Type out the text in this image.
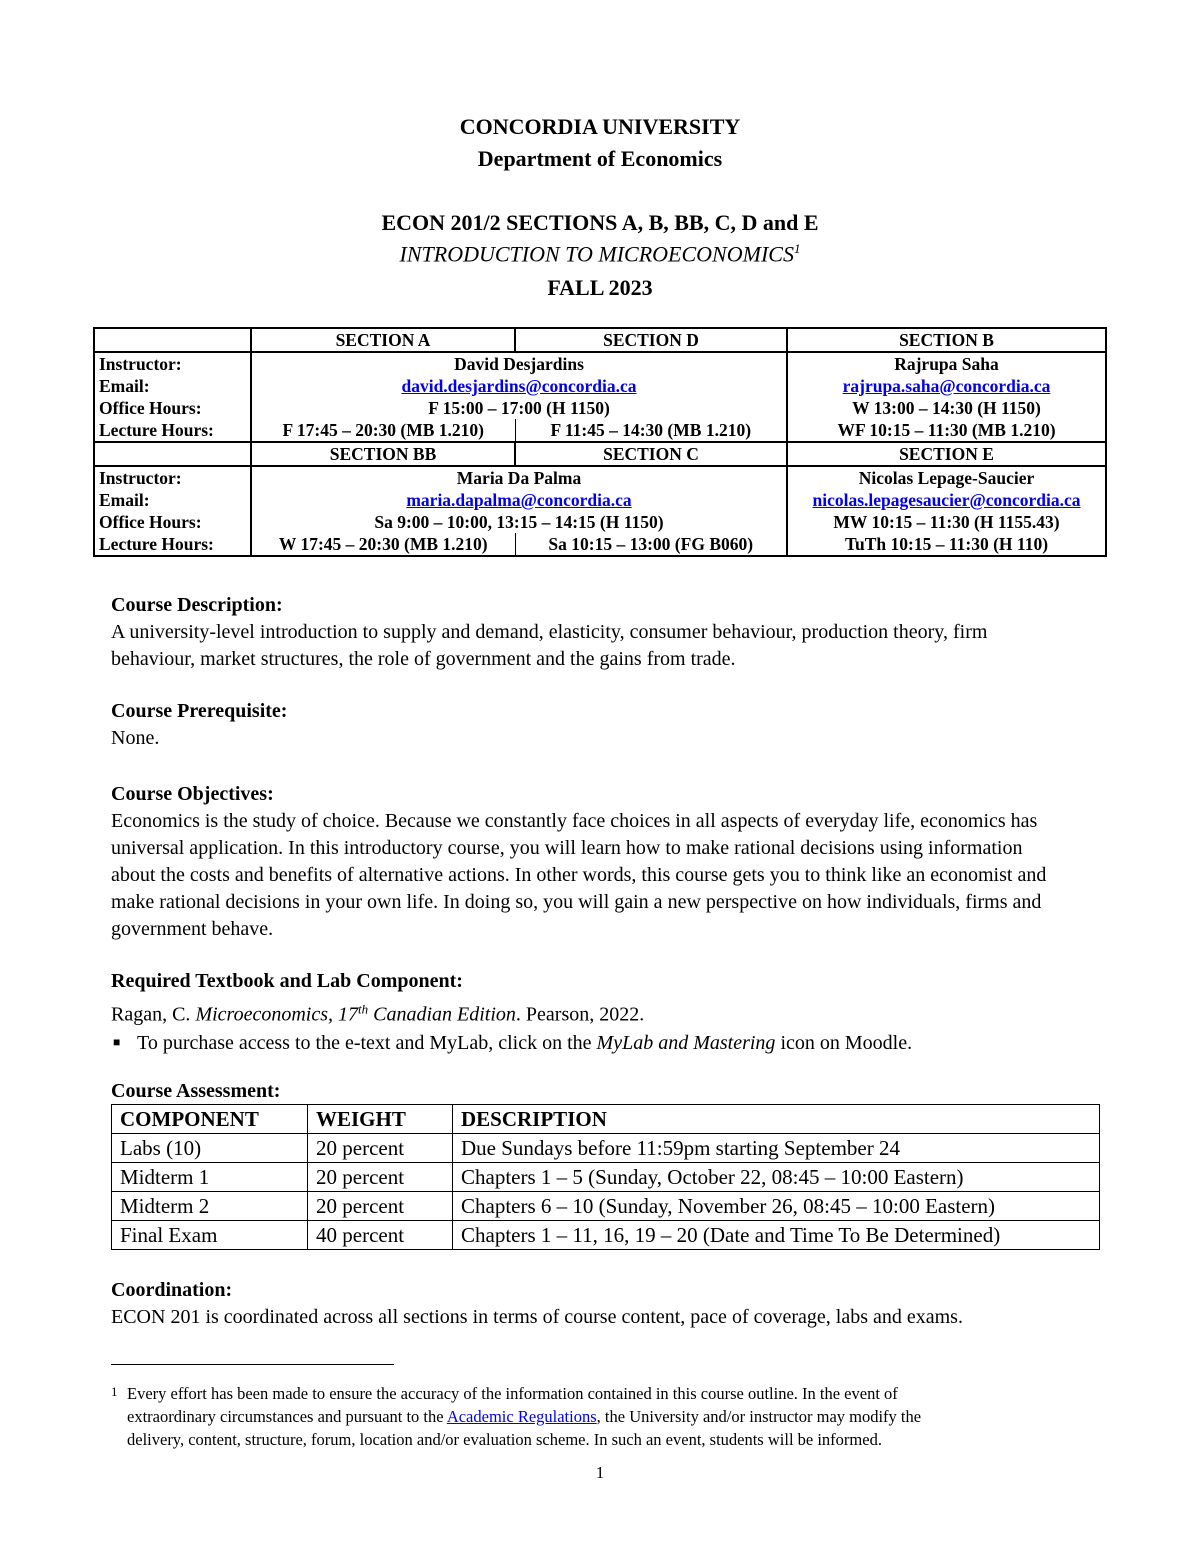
CONCORDIA UNIVERSITY
Department of Economics
ECON 201/2 SECTIONS A, B, BB, C, D and E
INTRODUCTION TO MICROECONOMICS$^1$
FALL 2023
	SECTION A	SECTION D	SECTION B
Instructor:	David Desjardins		Rajrupa Saha
Email:	david.desjardins@concordia.ca		rajrupa.saha@concordia.ca
Office Hours:	F 15:00 – 17:00 (H 1150)		W 13:00 – 14:30 (H 1150)
Lecture Hours:	F 17:45 – 20:30 (MB 1.210)	F 11:45 – 14:30 (MB 1.210)	WF 10:15 – 11:30 (MB 1.210)
	SECTION BB	SECTION C	SECTION E
Instructor:	Maria Da Palma		Nicolas Lepage-Saucier
Email:	maria.dapalma@concordia.ca		nicolas.lepagesaucier@concordia.ca
Office Hours:	Sa 9:00 – 10:00, 13:15 – 14:15 (H 1150)		MW 10:15 – 11:30 (H 1155.43)
Lecture Hours:	W 17:45 – 20:30 (MB 1.210)	Sa 10:15 – 13:00 (FG B060)	TuTh 10:15 – 11:30 (H 110)
Course Description:
A university-level introduction to supply and demand, elasticity, consumer behaviour, production theory, firm behaviour, market structures, the role of government and the gains from trade.
Course Prerequisite:
None.
Course Objectives:
Economics is the study of choice. Because we constantly face choices in all aspects of everyday life, economics has universal application. In this introductory course, you will learn how to make rational decisions using information about the costs and benefits of alternative actions. In other words, this course gets you to think like an economist and make rational decisions in your own life. In doing so, you will gain a new perspective on how individuals, firms and government behave.
Required Textbook and Lab Component:
Ragan, C. Microeconomics, 17th Canadian Edition. Pearson, 2022.
■ To purchase access to the e-text and MyLab, click on the MyLab and Mastering icon on Moodle.
Course Assessment:
COMPONENT	WEIGHT	DESCRIPTION
Labs (10)	20 percent	Due Sundays before 11:59pm starting September 24
Midterm 1	20 percent	Chapters 1 – 5 (Sunday, October 22, 08:45 – 10:00 Eastern)
Midterm 2	20 percent	Chapters 6 – 10 (Sunday, November 26, 08:45 – 10:00 Eastern)
Final Exam	40 percent	Chapters 1 – 11, 16, 19 – 20 (Date and Time To Be Determined)
Coordination:
ECON 201 is coordinated across all sections in terms of course content, pace of coverage, labs and exams.
1 Every effort has been made to ensure the accuracy of the information contained in this course outline. In the event of
extraordinary circumstances and pursuant to the Academic Regulations, the University and/or instructor may modify the
delivery, content, structure, forum, location and/or evaluation scheme. In such an event, students will be informed.
1
